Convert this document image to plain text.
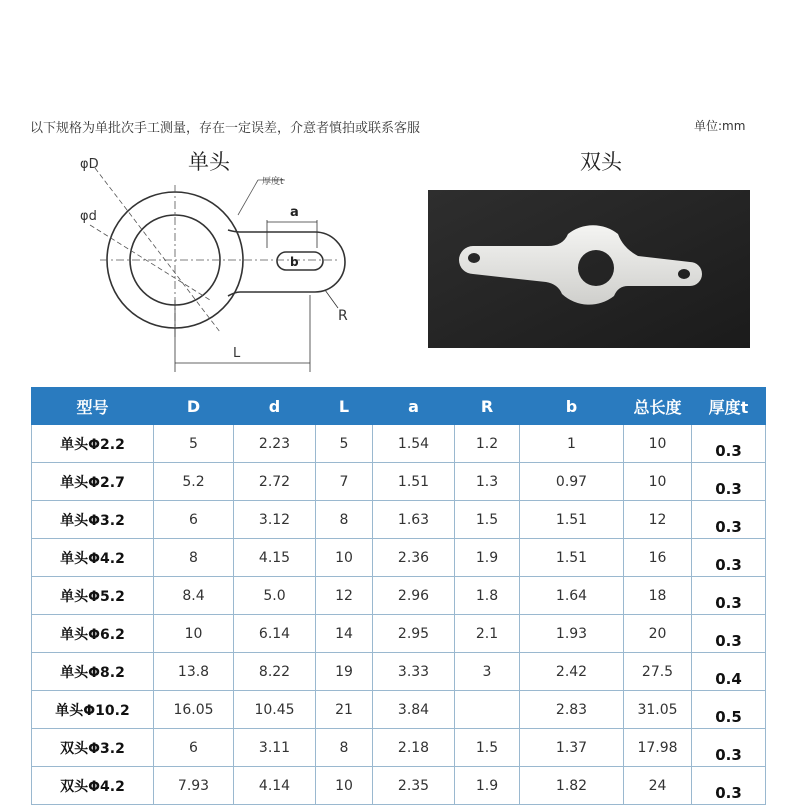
以下规格为单批次手工测量，存在一定误差，介意者慎拍或联系客服	单位:mm
单头	双头
φD
φd
厚度t
a
b
R
L
型号	D	d	L	a	R	b	总长度	厚度t
单头Φ2.2	5	2.23	5	1.54	1.2	1	10	0.3
单头Φ2.7	5.2	2.72	7	1.51	1.3	0.97	10	0.3
单头Φ3.2	6	3.12	8	1.63	1.5	1.51	12	0.3
单头Φ4.2	8	4.15	10	2.36	1.9	1.51	16	0.3
单头Φ5.2	8.4	5.0	12	2.96	1.8	1.64	18	0.3
单头Φ6.2	10	6.14	14	2.95	2.1	1.93	20	0.3
单头Φ8.2	13.8	8.22	19	3.33	3	2.42	27.5	0.4
单头Φ10.2	16.05	10.45	21	3.84		2.83	31.05	0.5
双头Φ3.2	6	3.11	8	2.18	1.5	1.37	17.98	0.3
双头Φ4.2	7.93	4.14	10	2.35	1.9	1.82	24	0.3
